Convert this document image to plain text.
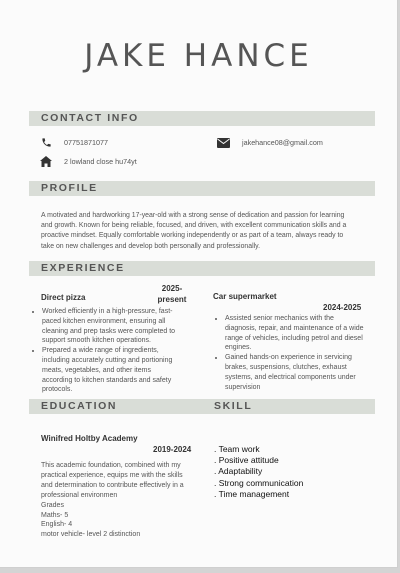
JAKE HANCE
CONTACT INFO
07751871077	jakehance08@gmail.com
2 lowland close hu74yt
PROFILE
A motivated and hardworking 17-year-old with a strong sense of dedication and passion for learning
and growth. Known for being reliable, focused, and driven, with excellent communication skills and a
proactive mindset. Equally comfortable working independently or as part of a team, always ready to
take on new challenges and develop both personally and professionally.
EXPERIENCE
Direct pizza
2025-
present
• Worked efficiently in a high-pressure, fast-
paced kitchen environment, ensuring all
cleaning and prep tasks were completed to
support smooth kitchen operations.
• Prepared a wide range of ingredients,
including accurately cutting and portioning
meats, vegetables, and other items
according to kitchen standards and safety
protocols.
Car supermarket
2024-2025
• Assisted senior mechanics with the
diagnosis, repair, and maintenance of a wide
range of vehicles, including petrol and diesel
engines.
• Gained hands-on experience in servicing
brakes, suspensions, clutches, exhaust
systems, and electrical components under
supervision
EDUCATION	SKILL
Winifred Holtby Academy
2019-2024
This academic foundation, combined with my
practical experience, equips me with the skills
and determination to contribute effectively in a
professional environmen
Grades
Maths- 5
English- 4
motor vehicle- level 2 distinction
. Team work
. Positive attitude
. Adaptability
. Strong communication
. Time management
